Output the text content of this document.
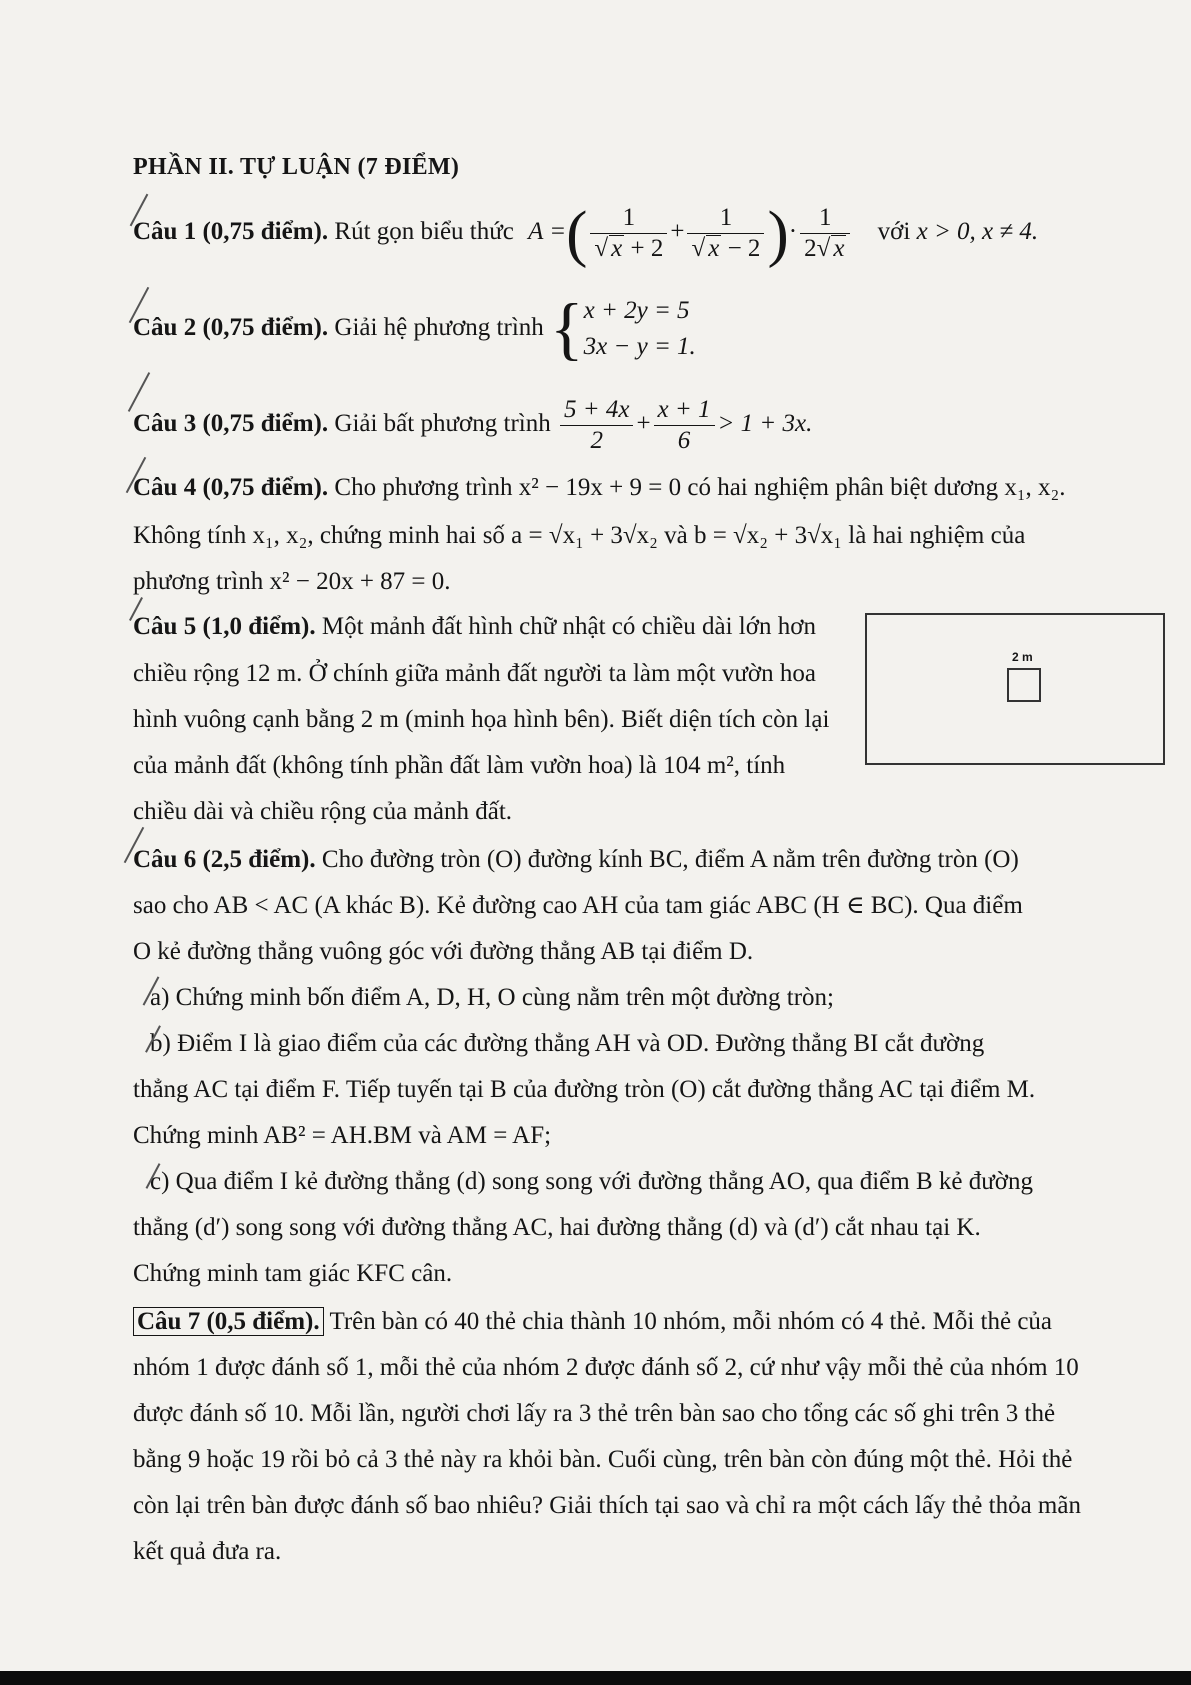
PHẦN II. TỰ LUẬN (7 ĐIỂM)
Câu 1 (0,75 điểm). Rút gọn biểu thức A =( $\frac{1}{√ x + 2} + \frac{1}{√ x - 2}$ )· $\frac{1}{2√ x}$ với x > 0, x ≠ 4.
Câu 2 (0,75 điểm). Giải hệ phương trình { x + 2y = 5
3x − y = 1.
Câu 3 (0,75 điểm). Giải bất phương trình $\frac{5 + 4x}{2} + \frac{x + 1}{6} > 1 + 3x$.
Câu 4 (0,75 điểm). Cho phương trình x² − 19x + 9 = 0 có hai nghiệm phân biệt dương x₁, x₂.
Không tính x₁, x₂, chứng minh hai số a = √x₁ + 3√x₂ và b = √x₂ + 3√x₁ là hai nghiệm của
phương trình x² − 20x + 87 = 0.
Câu 5 (1,0 điểm). Một mảnh đất hình chữ nhật có chiều dài lớn hơn
chiều rộng 12 m. Ở chính giữa mảnh đất người ta làm một vườn hoa
hình vuông cạnh bằng 2 m (minh họa hình bên). Biết diện tích còn lại
của mảnh đất (không tính phần đất làm vườn hoa) là 104 m², tính
chiều dài và chiều rộng của mảnh đất.
2 m
Câu 6 (2,5 điểm). Cho đường tròn (O) đường kính BC, điểm A nằm trên đường tròn (O)
sao cho AB < AC (A khác B). Kẻ đường cao AH của tam giác ABC (H ∈ BC). Qua điểm
O kẻ đường thẳng vuông góc với đường thẳng AB tại điểm D.
a) Chứng minh bốn điểm A, D, H, O cùng nằm trên một đường tròn;
b) Điểm I là giao điểm của các đường thẳng AH và OD. Đường thẳng BI cắt đường
thẳng AC tại điểm F. Tiếp tuyến tại B của đường tròn (O) cắt đường thẳng AC tại điểm M.
Chứng minh AB² = AH.BM và AM = AF;
c) Qua điểm I kẻ đường thẳng (d) song song với đường thẳng AO, qua điểm B kẻ đường
thẳng (d′) song song với đường thẳng AC, hai đường thẳng (d) và (d′) cắt nhau tại K.
Chứng minh tam giác KFC cân.
Câu 7 (0,5 điểm). Trên bàn có 40 thẻ chia thành 10 nhóm, mỗi nhóm có 4 thẻ. Mỗi thẻ của
nhóm 1 được đánh số 1, mỗi thẻ của nhóm 2 được đánh số 2, cứ như vậy mỗi thẻ của nhóm 10
được đánh số 10. Mỗi lần, người chơi lấy ra 3 thẻ trên bàn sao cho tổng các số ghi trên 3 thẻ
bằng 9 hoặc 19 rồi bỏ cả 3 thẻ này ra khỏi bàn. Cuối cùng, trên bàn còn đúng một thẻ. Hỏi thẻ
còn lại trên bàn được đánh số bao nhiêu? Giải thích tại sao và chỉ ra một cách lấy thẻ thỏa mãn
kết quả đưa ra.
